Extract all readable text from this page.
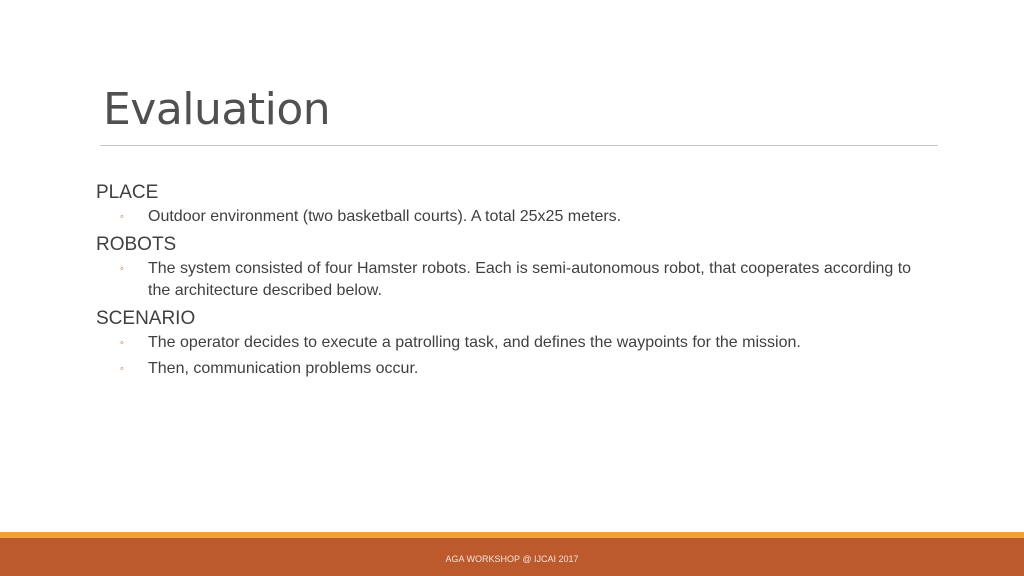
Evaluation

PLACE

◦ Outdoor environment (two basketball courts). A total 25x25 meters.

ROBOTS

◦ The system consisted of four Hamster robots. Each is semi-autonomous robot, that cooperates according to the architecture described below.

SCENARIO

◦ The operator decides to execute a patrolling task, and defines the waypoints for the mission.
◦ Then, communication problems occur.
AGA WORKSHOP @ IJCAI 2017
